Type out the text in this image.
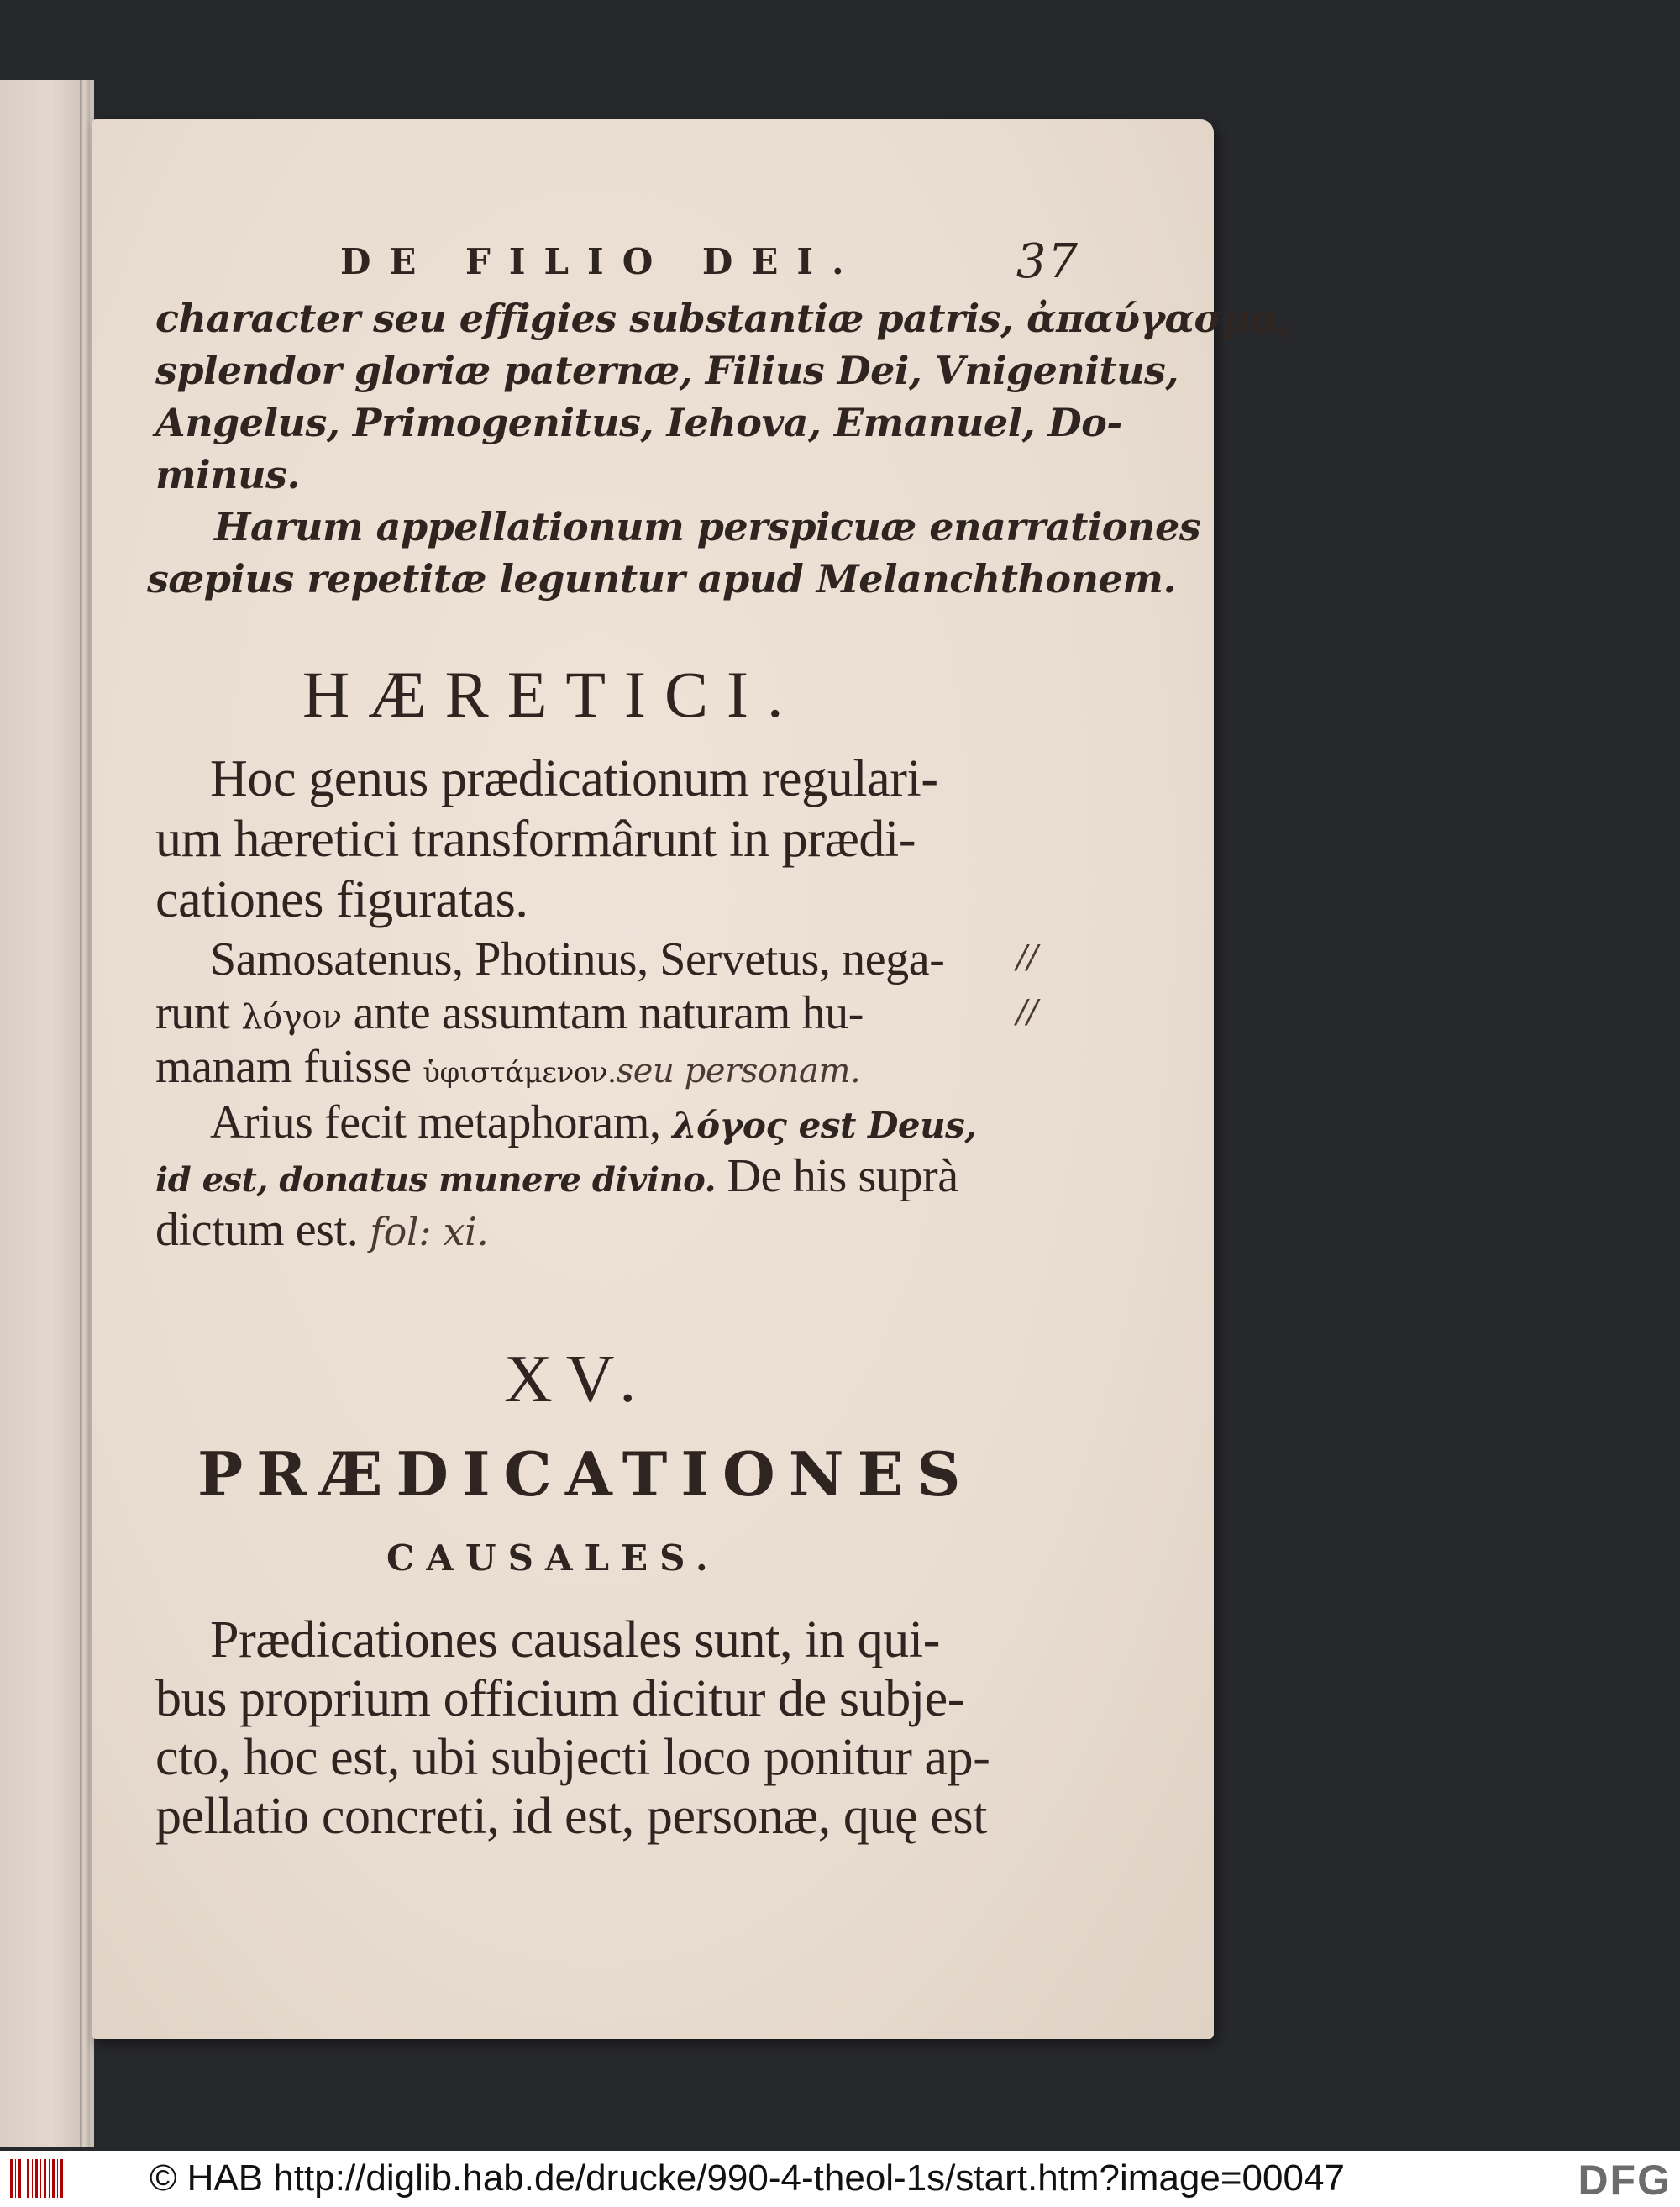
DE FILIO DEI.	37
character seu effigies substantiæ patris, ἀπαύγασμα,
splendor gloriæ paternæ, Filius Dei, Vnigenitus,
Angelus, Primogenitus, Iehova, Emanuel, Do-
minus.
Harum appellationum perspicuæ enarrationes
sæpius repetitæ leguntur apud Melanchthonem.
HÆRETICI.
Hoc genus prædicationum regulari-
um hæretici transformârunt in prædi-
cationes figuratas.
Samosatenus, Photinus, Servetus, nega-
runt λόγον ante assumtam naturam hu-
manam fuisse ὑφιστάμενον.seu personam.
Arius fecit metaphoram, λόγος est Deus,
id est, donatus munere divino. De his suprà
dictum est. fol: xi.
//
//
XV.
PRÆDICATIONES
CAUSALES.
Prædicationes causales sunt, in qui-
bus proprium officium dicitur de subje-
cto, hoc est, ubi subjecti loco ponitur ap-
pellatio concreti, id est, personæ, quę est
© HAB http://diglib.hab.de/drucke/990-4-theol-1s/start.htm?image=00047	DFG
